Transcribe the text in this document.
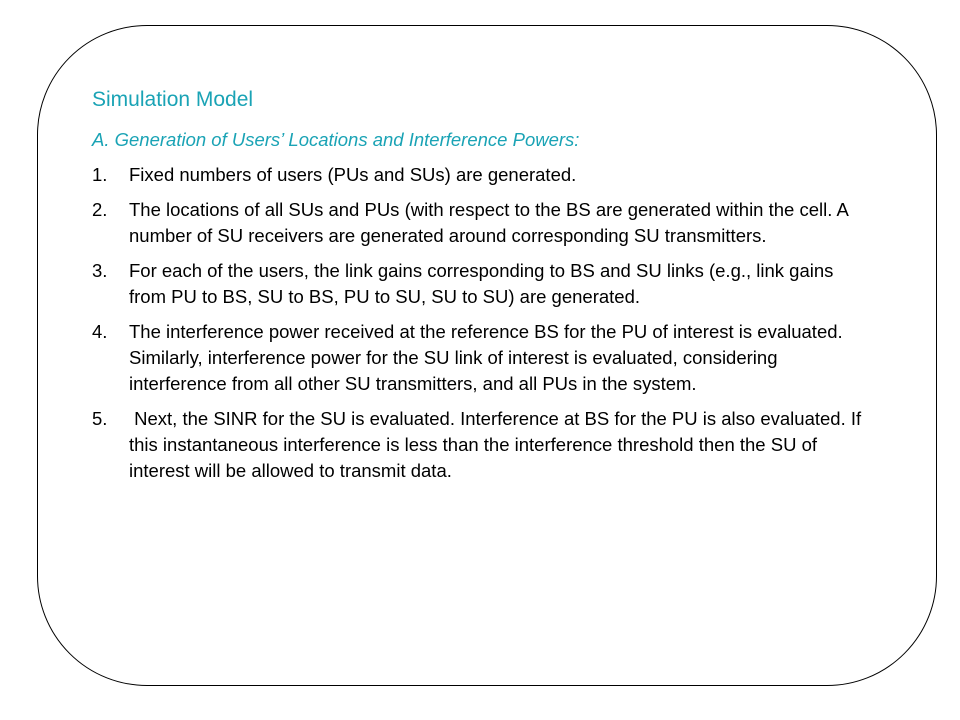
Simulation Model
A. Generation of Users’ Locations and Interference Powers:
1.	Fixed numbers of users (PUs and SUs) are generated.
2.	The locations of all SUs and PUs (with respect to the BS are generated within the cell. A number of SU receivers are generated around corresponding SU transmitters.
3.	For each of the users, the link gains corresponding to BS and SU links (e.g., link gains from PU to BS, SU to BS, PU to SU, SU to SU) are generated.
4.	The interference power received at the reference BS for the PU of interest is evaluated. Similarly, interference power for the SU link of interest is evaluated, considering interference from all other SU transmitters, and all PUs in the system.
5.	Next, the SINR for the SU is evaluated. Interference at BS for the PU is also evaluated. If this instantaneous interference is less than the interference threshold then the SU of interest will be allowed to transmit data.
